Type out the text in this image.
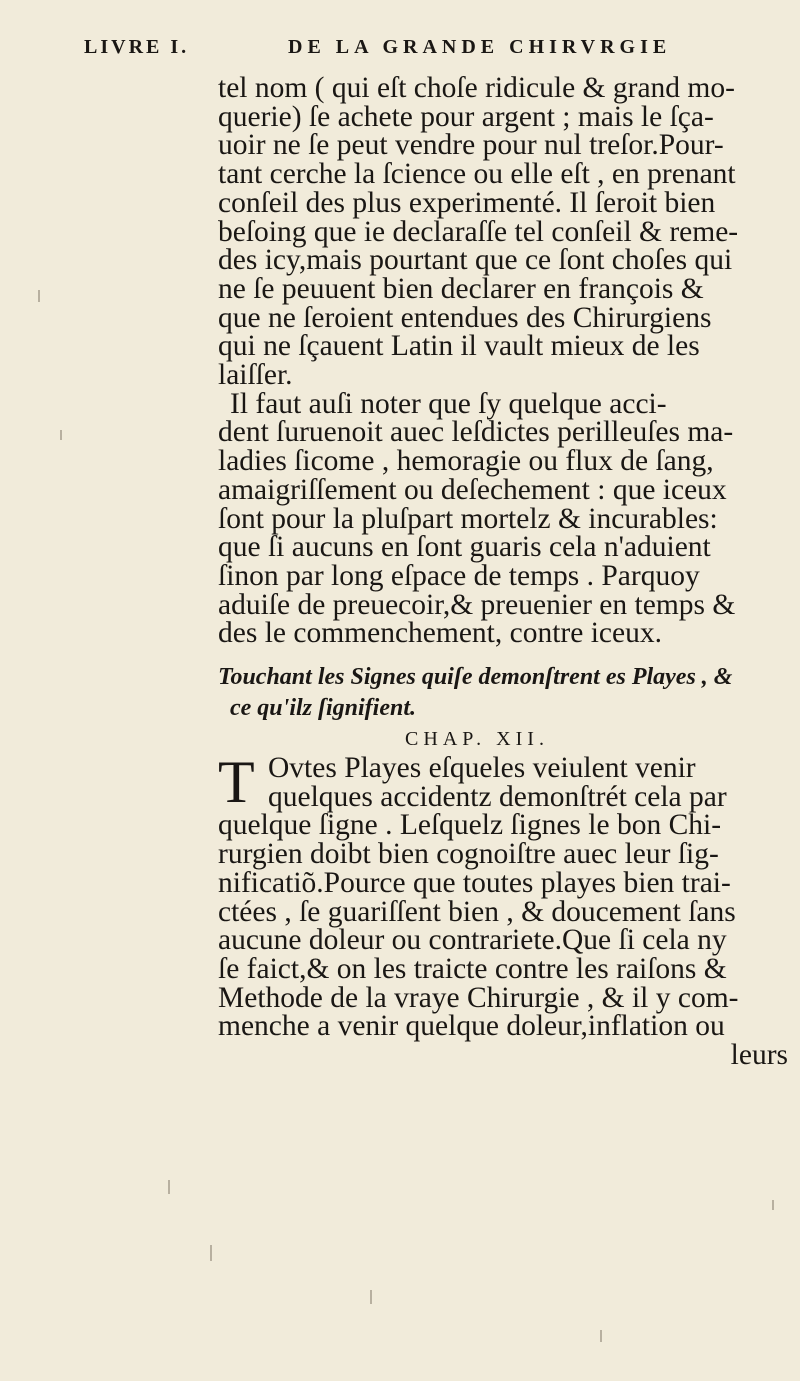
LIVRE I.	DE LA GRANDE CHIRVRGIE
tel nom ( qui eſt choſe ridicule & grand mo-
querie) ſe achete pour argent ; mais le ſça-
uoir ne ſe peut vendre pour nul treſor.Pour-
tant cerche la ſcience ou elle eſt , en prenant
conſeil des plus experimenté. Il ſeroit bien
beſoing que ie declaraſſe tel conſeil & reme-
des icy,mais pourtant que ce ſont choſes qui
ne ſe peuuent bien declarer en françois &
que ne ſeroient entendues des Chirurgiens
qui ne ſçauent Latin il vault mieux de les
laiſſer.
Il faut auſi noter que ſy quelque acci-
dent ſuruenoit auec leſdictes perilleuſes ma-
ladies ſicome , hemoragie ou flux de ſang,
amaigriſſement ou deſechement : que iceux
ſont pour la pluſpart mortelz & incurables:
que ſi aucuns en ſont guaris cela n'aduient
ſinon par long eſpace de temps . Parquoy
aduiſe de preuecoir,& preuenier en temps &
des le commenchement, contre iceux.
Touchant les Signes quiſe demonſtrent es Playes , &
ce qu'ilz ſignifient.
CHAP. XII.
T Ovtes Playes eſqueles veiulent venir
quelques accidentz demonſtrét cela par
quelque ſigne . Leſquelz ſignes le bon Chi-
rurgien doibt bien cognoiſtre auec leur ſig-
nificatiõ.Pource que toutes playes bien trai-
ctées , ſe guariſſent bien , & doucement ſans
aucune doleur ou contrariete.Que ſi cela ny
ſe faict,& on les traicte contre les raiſons &
Methode de la vraye Chirurgie , & il y com-
menche a venir quelque doleur,inflation ou
leurs
